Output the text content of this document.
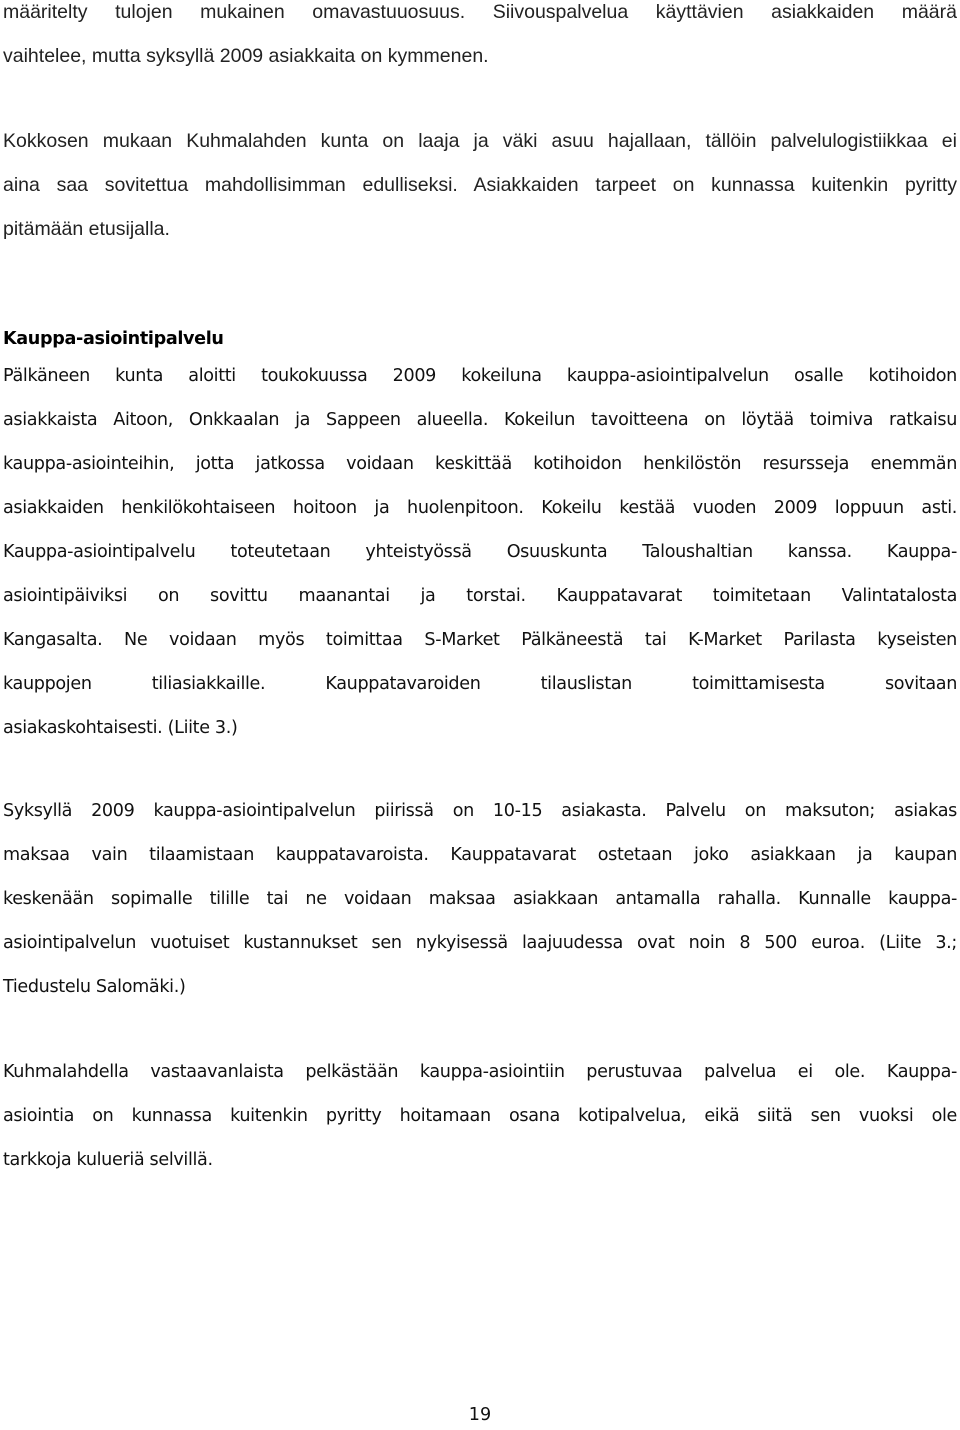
määritelty tulojen mukainen omavastuuosuus. Siivouspalvelua käyttävien asiakkaiden määrä
vaihtelee, mutta syksyllä 2009 asiakkaita on kymmenen.
Kokkosen mukaan Kuhmalahden kunta on laaja ja väki asuu hajallaan, tällöin palvelulogistiikkaa ei
aina saa sovitettua mahdollisimman edulliseksi. Asiakkaiden tarpeet on kunnassa kuitenkin pyritty
pitämään etusijalla.
Kauppa-asiointipalvelu
Pälkäneen kunta aloitti toukokuussa 2009 kokeiluna kauppa-asiointipalvelun osalle kotihoidon
asiakkaista Aitoon, Onkkaalan ja Sappeen alueella. Kokeilun tavoitteena on löytää toimiva ratkaisu
kauppa-asiointeihin, jotta jatkossa voidaan keskittää kotihoidon henkilöstön resursseja enemmän
asiakkaiden henkilökohtaiseen hoitoon ja huolenpitoon. Kokeilu kestää vuoden 2009 loppuun asti.
Kauppa-asiointipalvelu toteutetaan yhteistyössä Osuuskunta Taloushaltian kanssa. Kauppa-
asiointipäiviksi on sovittu maanantai ja torstai. Kauppatavarat toimitetaan Valintatalosta
Kangasalta. Ne voidaan myös toimittaa S-Market Pälkäneestä tai K-Market Parilasta kyseisten
kauppojen tiliasiakkaille. Kauppatavaroiden tilauslistan toimittamisesta sovitaan
asiakaskohtaisesti. (Liite 3.)
Syksyllä 2009 kauppa-asiointipalvelun piirissä on 10-15 asiakasta. Palvelu on maksuton; asiakas
maksaa vain tilaamistaan kauppatavaroista. Kauppatavarat ostetaan joko asiakkaan ja kaupan
keskenään sopimalle tilille tai ne voidaan maksaa asiakkaan antamalla rahalla. Kunnalle kauppa-
asiointipalvelun vuotuiset kustannukset sen nykyisessä laajuudessa ovat noin 8 500 euroa. (Liite 3.;
Tiedustelu Salomäki.)
Kuhmalahdella vastaavanlaista pelkästään kauppa-asiointiin perustuvaa palvelua ei ole. Kauppa-
asiointia on kunnassa kuitenkin pyritty hoitamaan osana kotipalvelua, eikä siitä sen vuoksi ole
tarkkoja kulueriä selvillä.
19
